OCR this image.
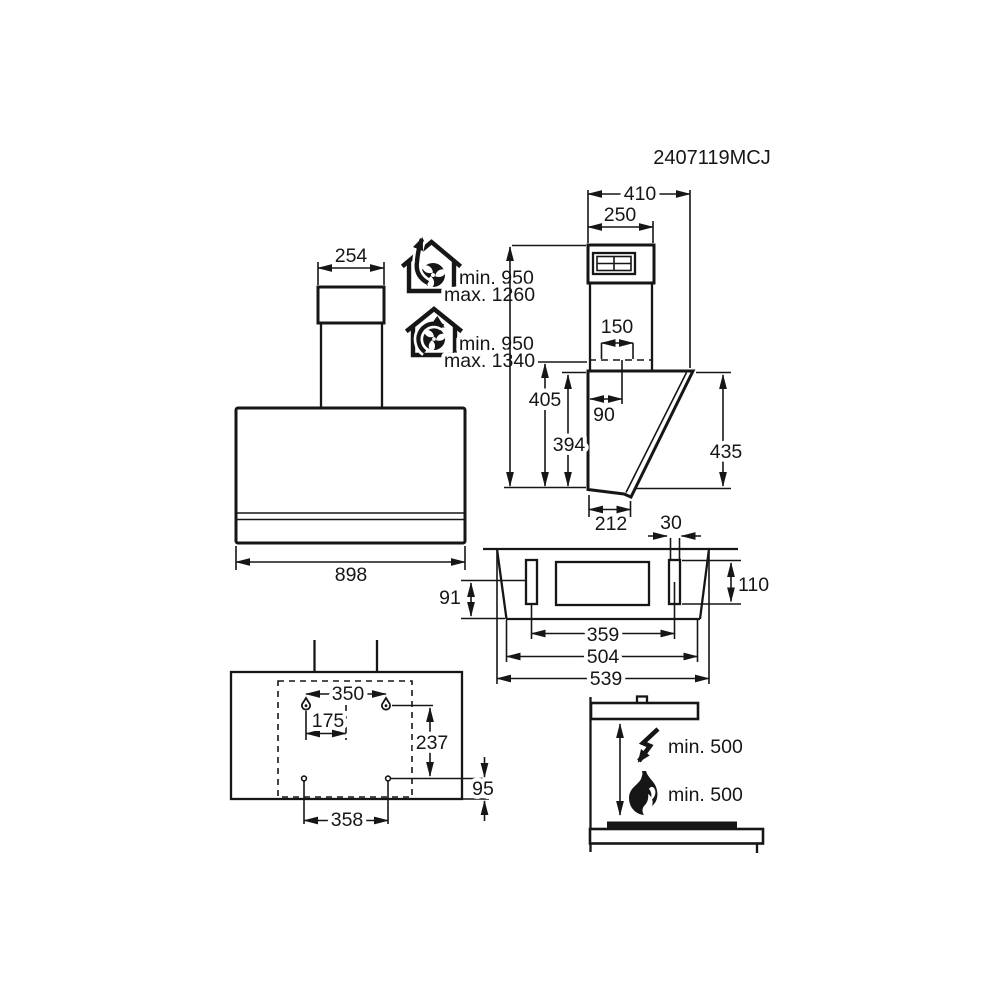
2407119MCJ
254
898
min. 950
max. 1260
min. 950
max. 1340
410
250
150
90
405
394	435
212 30
110
91
359
504
539
350
175
237
95
358
min. 500
min. 500
